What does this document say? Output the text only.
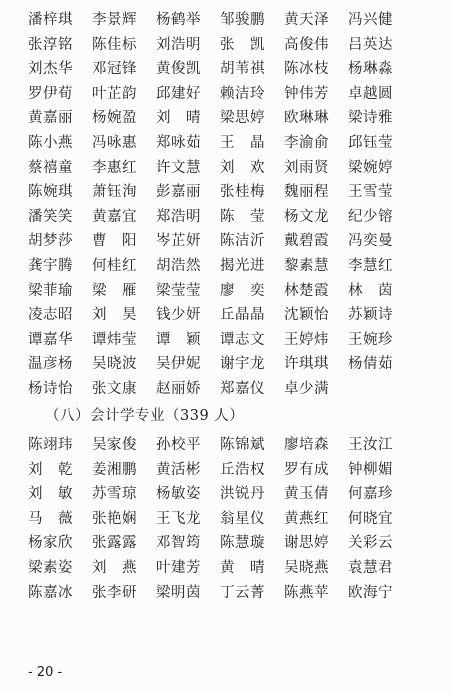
潘梓琪	李景辉	杨鹤举	邹骏鹏	黄天泽	冯兴健
张淳铭	陈佳标	刘浩明	张　凯	高俊伟	吕英达
刘杰华	邓冠锋	黄俊凯	胡苇祺	陈冰枝	杨琳淼
罗伊荀	叶芷韵	邱建好	赖洁玲	钟伟芳	卓越圆
黄嘉丽	杨婉盈	刘　晴	梁思婷	欧琳琳	梁诗雅
陈小燕	冯咏惠	郑咏茹	王　晶	李渝俞	邱钰莹
蔡禧童	李惠红	许文慧	刘　欢	刘雨贤	梁婉婷
陈婉琪	萧钰洵	彭嘉丽	张桂梅	魏丽程	王雪莹
潘笑笑	黄嘉宜	郑浩明	陈　莹	杨文龙	纪少镕
胡梦莎	曹　阳	岑芷妍	陈洁沂	戴碧霞	冯奕曼
龚宇腾	何桂红	胡浩然	揭光进	黎素慧	李慧红
梁菲瑜	梁　雁	梁莹莹	廖　奕	林楚霞	林　茵
凌志昭	刘　昊	钱少妍	丘晶晶	沈颖怡	苏颖诗
谭嘉华	谭炜莹	谭　颖	谭志文	王婷炜	王婉珍
温彦杨	吴晓波	吴伊妮	谢宇龙	许琪琪	杨倩茹
杨诗怡	张文康	赵丽娇	郑嘉仪	卓少满
（八）会计学专业（339 人）
陈翊玮	吴家俊	孙校平	陈锦斌	廖培森	王汝江
刘　乾	姜湘鹏	黄活彬	丘浩权	罗有成	钟柳媚
刘　敏	苏雪琼	杨敏姿	洪锐丹	黄玉倩	何嘉珍
马　薇	张艳娴	王飞龙	翁星仪	黄燕红	何晓宜
杨家欣	张露露	邓智筠	陈慧璇	谢思婷	关彩云
梁素姿	刘　燕	叶建芳	黄　晴	吴晓燕	袁慧君
陈嘉冰	张李研	梁明茵	丁云菁	陈燕苹	欧海宁
- 20 -
